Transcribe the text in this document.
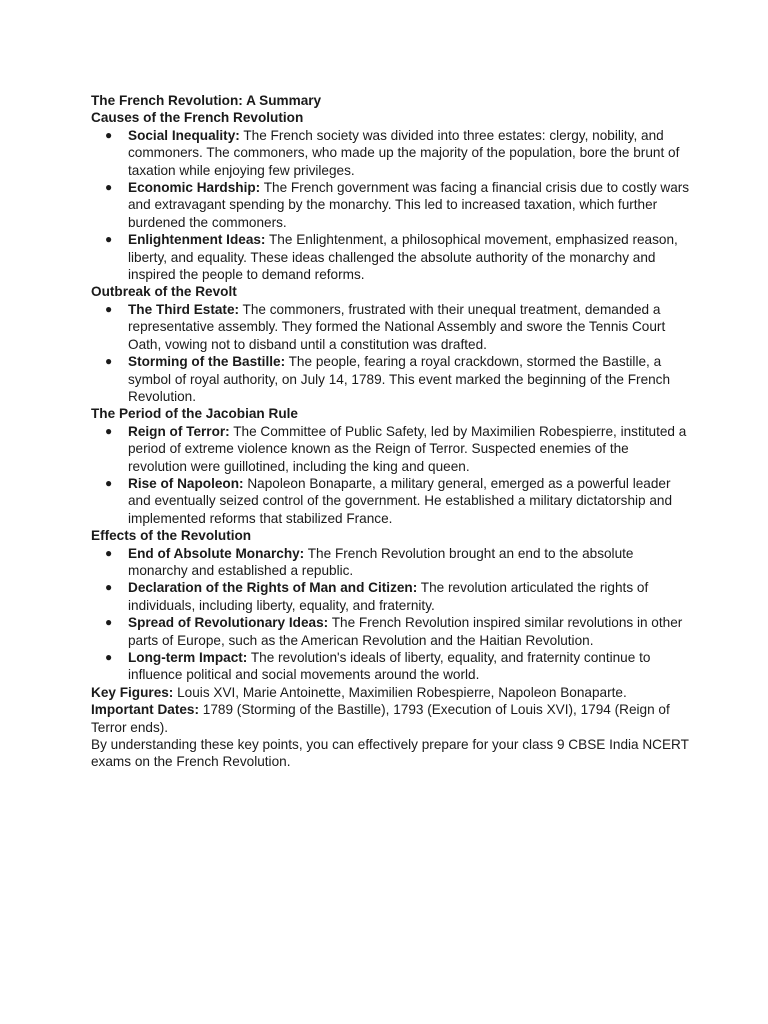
The French Revolution: A Summary
Causes of the French Revolution
● Social Inequality: The French society was divided into three estates: clergy, nobility, and commoners. The commoners, who made up the majority of the population, bore the brunt of taxation while enjoying few privileges.
● Economic Hardship: The French government was facing a financial crisis due to costly wars and extravagant spending by the monarchy. This led to increased taxation, which further burdened the commoners.
● Enlightenment Ideas: The Enlightenment, a philosophical movement, emphasized reason, liberty, and equality. These ideas challenged the absolute authority of the monarchy and inspired the people to demand reforms.
Outbreak of the Revolt
● The Third Estate: The commoners, frustrated with their unequal treatment, demanded a representative assembly. They formed the National Assembly and swore the Tennis Court Oath, vowing not to disband until a constitution was drafted.
● Storming of the Bastille: The people, fearing a royal crackdown, stormed the Bastille, a symbol of royal authority, on July 14, 1789. This event marked the beginning of the French Revolution.
The Period of the Jacobian Rule
● Reign of Terror: The Committee of Public Safety, led by Maximilien Robespierre, instituted a period of extreme violence known as the Reign of Terror. Suspected enemies of the revolution were guillotined, including the king and queen.
● Rise of Napoleon: Napoleon Bonaparte, a military general, emerged as a powerful leader and eventually seized control of the government. He established a military dictatorship and implemented reforms that stabilized France.
Effects of the Revolution
● End of Absolute Monarchy: The French Revolution brought an end to the absolute monarchy and established a republic.
● Declaration of the Rights of Man and Citizen: The revolution articulated the rights of individuals, including liberty, equality, and fraternity.
● Spread of Revolutionary Ideas: The French Revolution inspired similar revolutions in other parts of Europe, such as the American Revolution and the Haitian Revolution.
● Long-term Impact: The revolution's ideals of liberty, equality, and fraternity continue to influence political and social movements around the world.

Key Figures: Louis XVI, Marie Antoinette, Maximilien Robespierre, Napoleon Bonaparte.

Important Dates: 1789 (Storming of the Bastille), 1793 (Execution of Louis XVI), 1794 (Reign of Terror ends).

By understanding these key points, you can effectively prepare for your class 9 CBSE India NCERT exams on the French Revolution.
